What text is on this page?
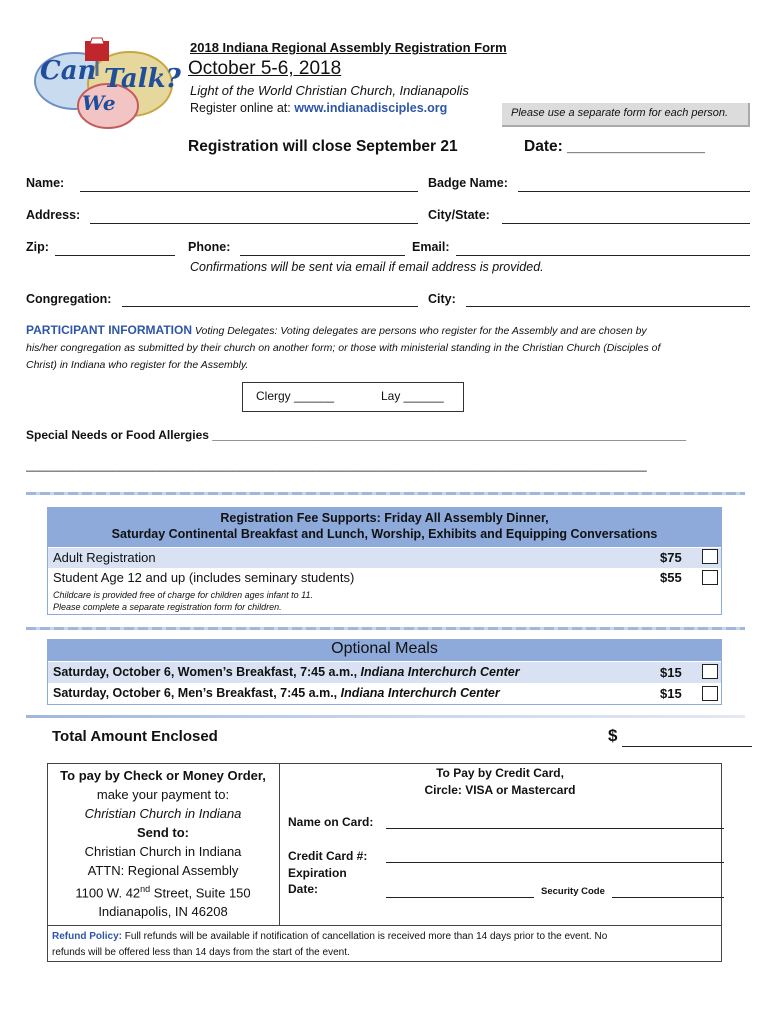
Can
We
Talk?
2018 Indiana Regional Assembly Registration Form
October 5-6, 2018
Light of the World Christian Church, Indianapolis
Register online at: www.indianadisciples.org	Please use a separate form for each person.
Registration will close September 21	Date: ________________
Name:	Badge Name:
Address:	City/State:
Zip:	Phone:	Email:
Confirmations will be sent via email if email address is provided.
Congregation:	City:
PARTICIPANT INFORMATION Voting Delegates: Voting delegates are persons who register for the Assembly and are chosen by
his/her congregation as submitted by their church on another form; or those with ministerial standing in the Christian Church (Disciples of
Christ) in Indiana who register for the Assembly.
Clergy ______	Lay ______
Special Needs or Food Allergies _______________________________________________________________________
_____________________________________________________________________________________________
Registration Fee Supports: Friday All Assembly Dinner,
Saturday Continental Breakfast and Lunch, Worship, Exhibits and Equipping Conversations
Adult Registration	$75
Student Age 12 and up (includes seminary students)	$55
Childcare is provided free of charge for children ages infant to 11.
Please complete a separate registration form for children.
Optional Meals
Saturday, October 6, Women’s Breakfast, 7:45 a.m., Indiana Interchurch Center	$15
Saturday, October 6, Men’s Breakfast, 7:45 a.m., Indiana Interchurch Center	$15
Total Amount Enclosed	$
To pay by Check or Money Order,
make your payment to:
Christian Church in Indiana
Send to:
Christian Church in Indiana
ATTN: Regional Assembly
1100 W. 42nd Street, Suite 150
Indianapolis, IN 46208
To Pay by Credit Card,
Circle: VISA or Mastercard
Name on Card:
Credit Card #:
Expiration
Date:	Security Code
Refund Policy: Full refunds will be available if notification of cancellation is received more than 14 days prior to the event. No
refunds will be offered less than 14 days from the start of the event.
